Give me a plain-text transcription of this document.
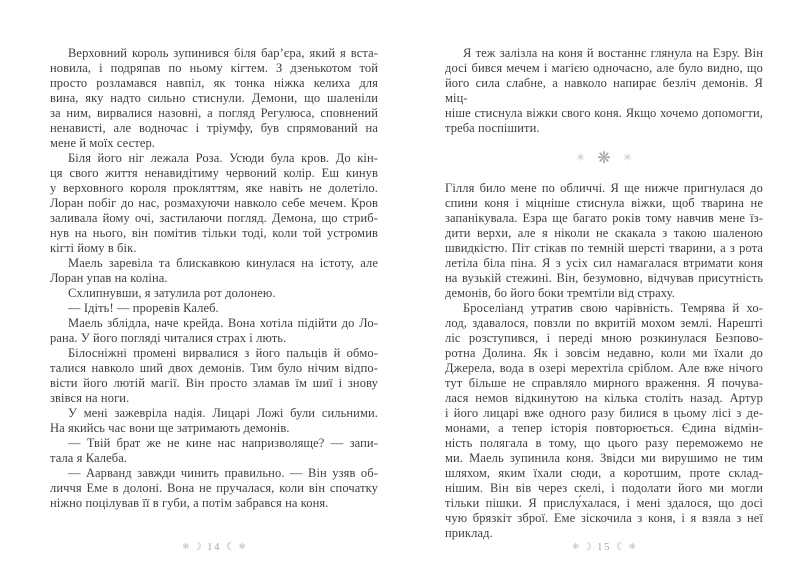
Верховний король зупинився біля бар’єра, який я вста-
новила, і подряпав по ньому кігтем. З дзенькотом той
просто розламався навпіл, як тонка ніжка келиха для
вина, яку надто сильно стиснули. Демони, що шаленіли
за ним, вирвалися назовні, а погляд Регулюса, сповнений
ненависті, але водночас і тріумфу, був спрямований на
мене й моїх сестер.
Біля його ніг лежала Роза. Усюди була кров. До кін-
ця свого життя ненавидітиму червоний колір. Еш кинув
у верховного короля прокляттям, яке навіть не долетіло.
Лоран побіг до нас, розмахуючи навколо себе мечем. Кров
заливала йому очі, застилаючи погляд. Демона, що стриб-
нув на нього, він помітив тільки тоді, коли той устромив
кігті йому в бік.
Маель заревіла та блискавкою кинулася на істоту, але
Лоран упав на коліна.
Схлипнувши, я затулила рот долонею.
— Ідіть! — проревів Калеб.
Маель зблідла, наче крейда. Вона хотіла підійти до Ло-
рана. У його погляді читалися страх і лють.
Білосніжні промені вирвалися з його пальців й обмо-
талися навколо ший двох демонів. Тим було нічим відпо-
вісти його лютій магії. Він просто зламав їм шиї і знову
звівся на ноги.
У мені зажевріла надія. Лицарі Ложі були сильними.
На якийсь час вони ще затримають демонів.
— Твій брат же не кине нас напризволяще? — запи-
тала я Калеба.
— Аарванд завжди чинить правильно. — Він узяв об-
личчя Еме в долоні. Вона не пручалася, коли він спочатку
ніжно поцілував її в губи, а потім забрався на коня.
✻ ☽ 14 ☾ ✻
Я теж залізла на коня й востаннє глянула на Езру. Він
досі бився мечем і магією одночасно, але було видно, що
його сила слабне, а навколо напирає безліч демонів. Я міц-
ніше стиснула віжки свого коня. Якщо хочемо допомогти,
треба поспішити.
✳ ❋ ✳
Гілля било мене по обличчі. Я ще нижче пригнулася до
спини коня і міцніше стиснула віжки, щоб тварина не
запанікувала. Езра ще багато років тому навчив мене їз-
дити верхи, але я ніколи не скакала з такою шаленою
швидкістю. Піт стікав по темній шерсті тварини, а з рота
летіла біла піна. Я з усіх сил намагалася втримати коня
на вузькій стежині. Він, безумовно, відчував присутність
демонів, бо його боки тремтіли від страху.
Броселіанд утратив свою чарівність. Темрява й хо-
лод, здавалося, повзли по вкритій мохом землі. Нарешті
ліс розступився, і переді мною розкинулася Безпово-
ротна Долина. Як і зовсім недавно, коли ми їхали до
Джерела, вода в озері мерехтіла сріблом. Але вже нічого
тут більше не справляло мирного враження. Я почува-
лася немов відкинутою на кілька століть назад. Артур
і його лицарі вже одного разу билися в цьому лісі з де-
монами, а тепер історія повторюється. Єдина відмін-
ність полягала в тому, що цього разу переможемо не
ми. Маель зупинила коня. Звідси ми вирушимо не тим
шляхом, яким їхали сюди, а коротшим, проте склад-
нішим. Він вів через скелі, і подолати його ми могли
тільки пішки. Я прислу́халася, і мені здалося, що досі
чую брязкіт зброї. Еме зіскочила з коня, і я взяла з неї
приклад.
✻ ☽ 15 ☾ ✻
